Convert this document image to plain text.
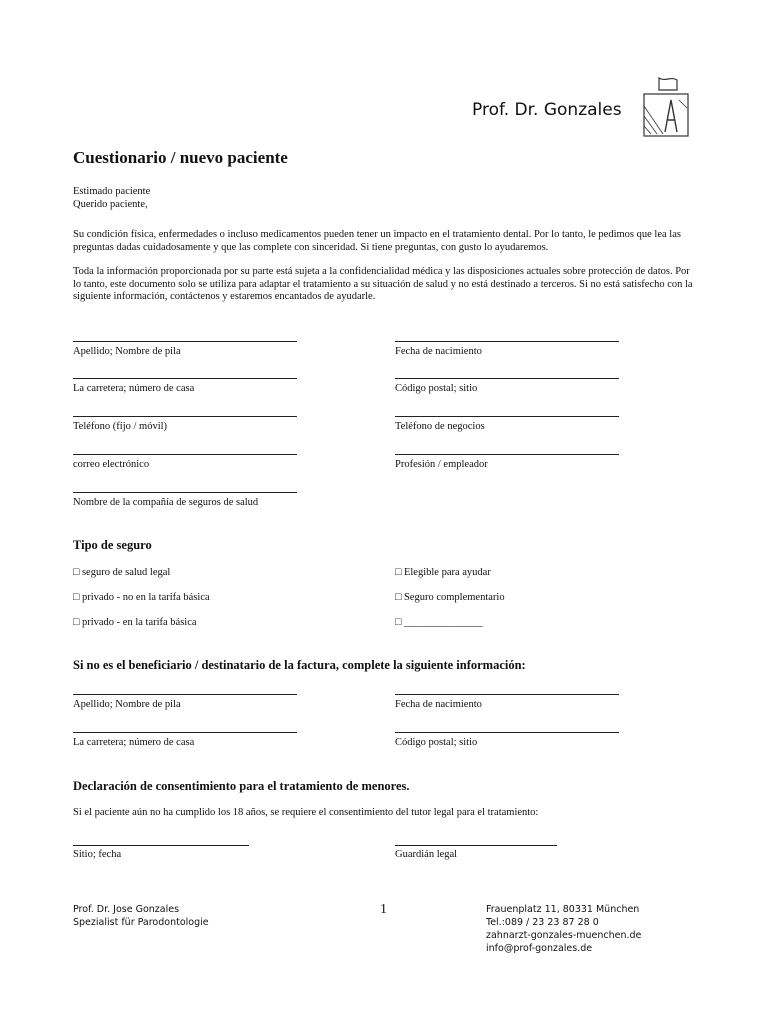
Prof. Dr. Gonzales
Cuestionario / nuevo paciente
Estimado paciente
Querido paciente,
Su condición física, enfermedades o incluso medicamentos pueden tener un impacto en el tratamiento dental. Por lo tanto, le pedimos que lea las preguntas dadas cuidadosamente y que las complete con sinceridad. Si tiene preguntas, con gusto lo ayudaremos.
Toda la información proporcionada por su parte está sujeta a la confidencialidad médica y las disposiciones actuales sobre protección de datos. Por lo tanto, este documento solo se utiliza para adaptar el tratamiento a su situación de salud y no está destinado a terceros. Si no está satisfecho con la siguiente información, contáctenos y estaremos encantados de ayudarle.
Apellido; Nombre de pila	Fecha de nacimiento
La carretera; número de casa	Código postal; sitio
Teléfono (fijo / móvil)	Teléfono de negocios
correo electrónico	Profesión / empleador
Nombre de la compañía de seguros de salud
Tipo de seguro
□ seguro de salud legal	□ Elegible para ayudar
□ privado - no en la tarifa básica	□ Seguro complementario
□ privado - en la tarifa básica	□ _______________
Si no es el beneficiario / destinatario de la factura, complete la siguiente información:
Apellido; Nombre de pila	Fecha de nacimiento
La carretera; número de casa	Código postal; sitio
Declaración de consentimiento para el tratamiento de menores.
Si el paciente aún no ha cumplido los 18 años, se requiere el consentimiento del tutor legal para el tratamiento:
Sitio; fecha	Guardián legal
Prof. Dr. Jose Gonzales
Spezialist für Parodontologie
1	Frauenplatz 11, 80331 München
Tel.:089 / 23 23 87 28 0
zahnarzt-gonzales-muenchen.de
info@prof-gonzales.de
